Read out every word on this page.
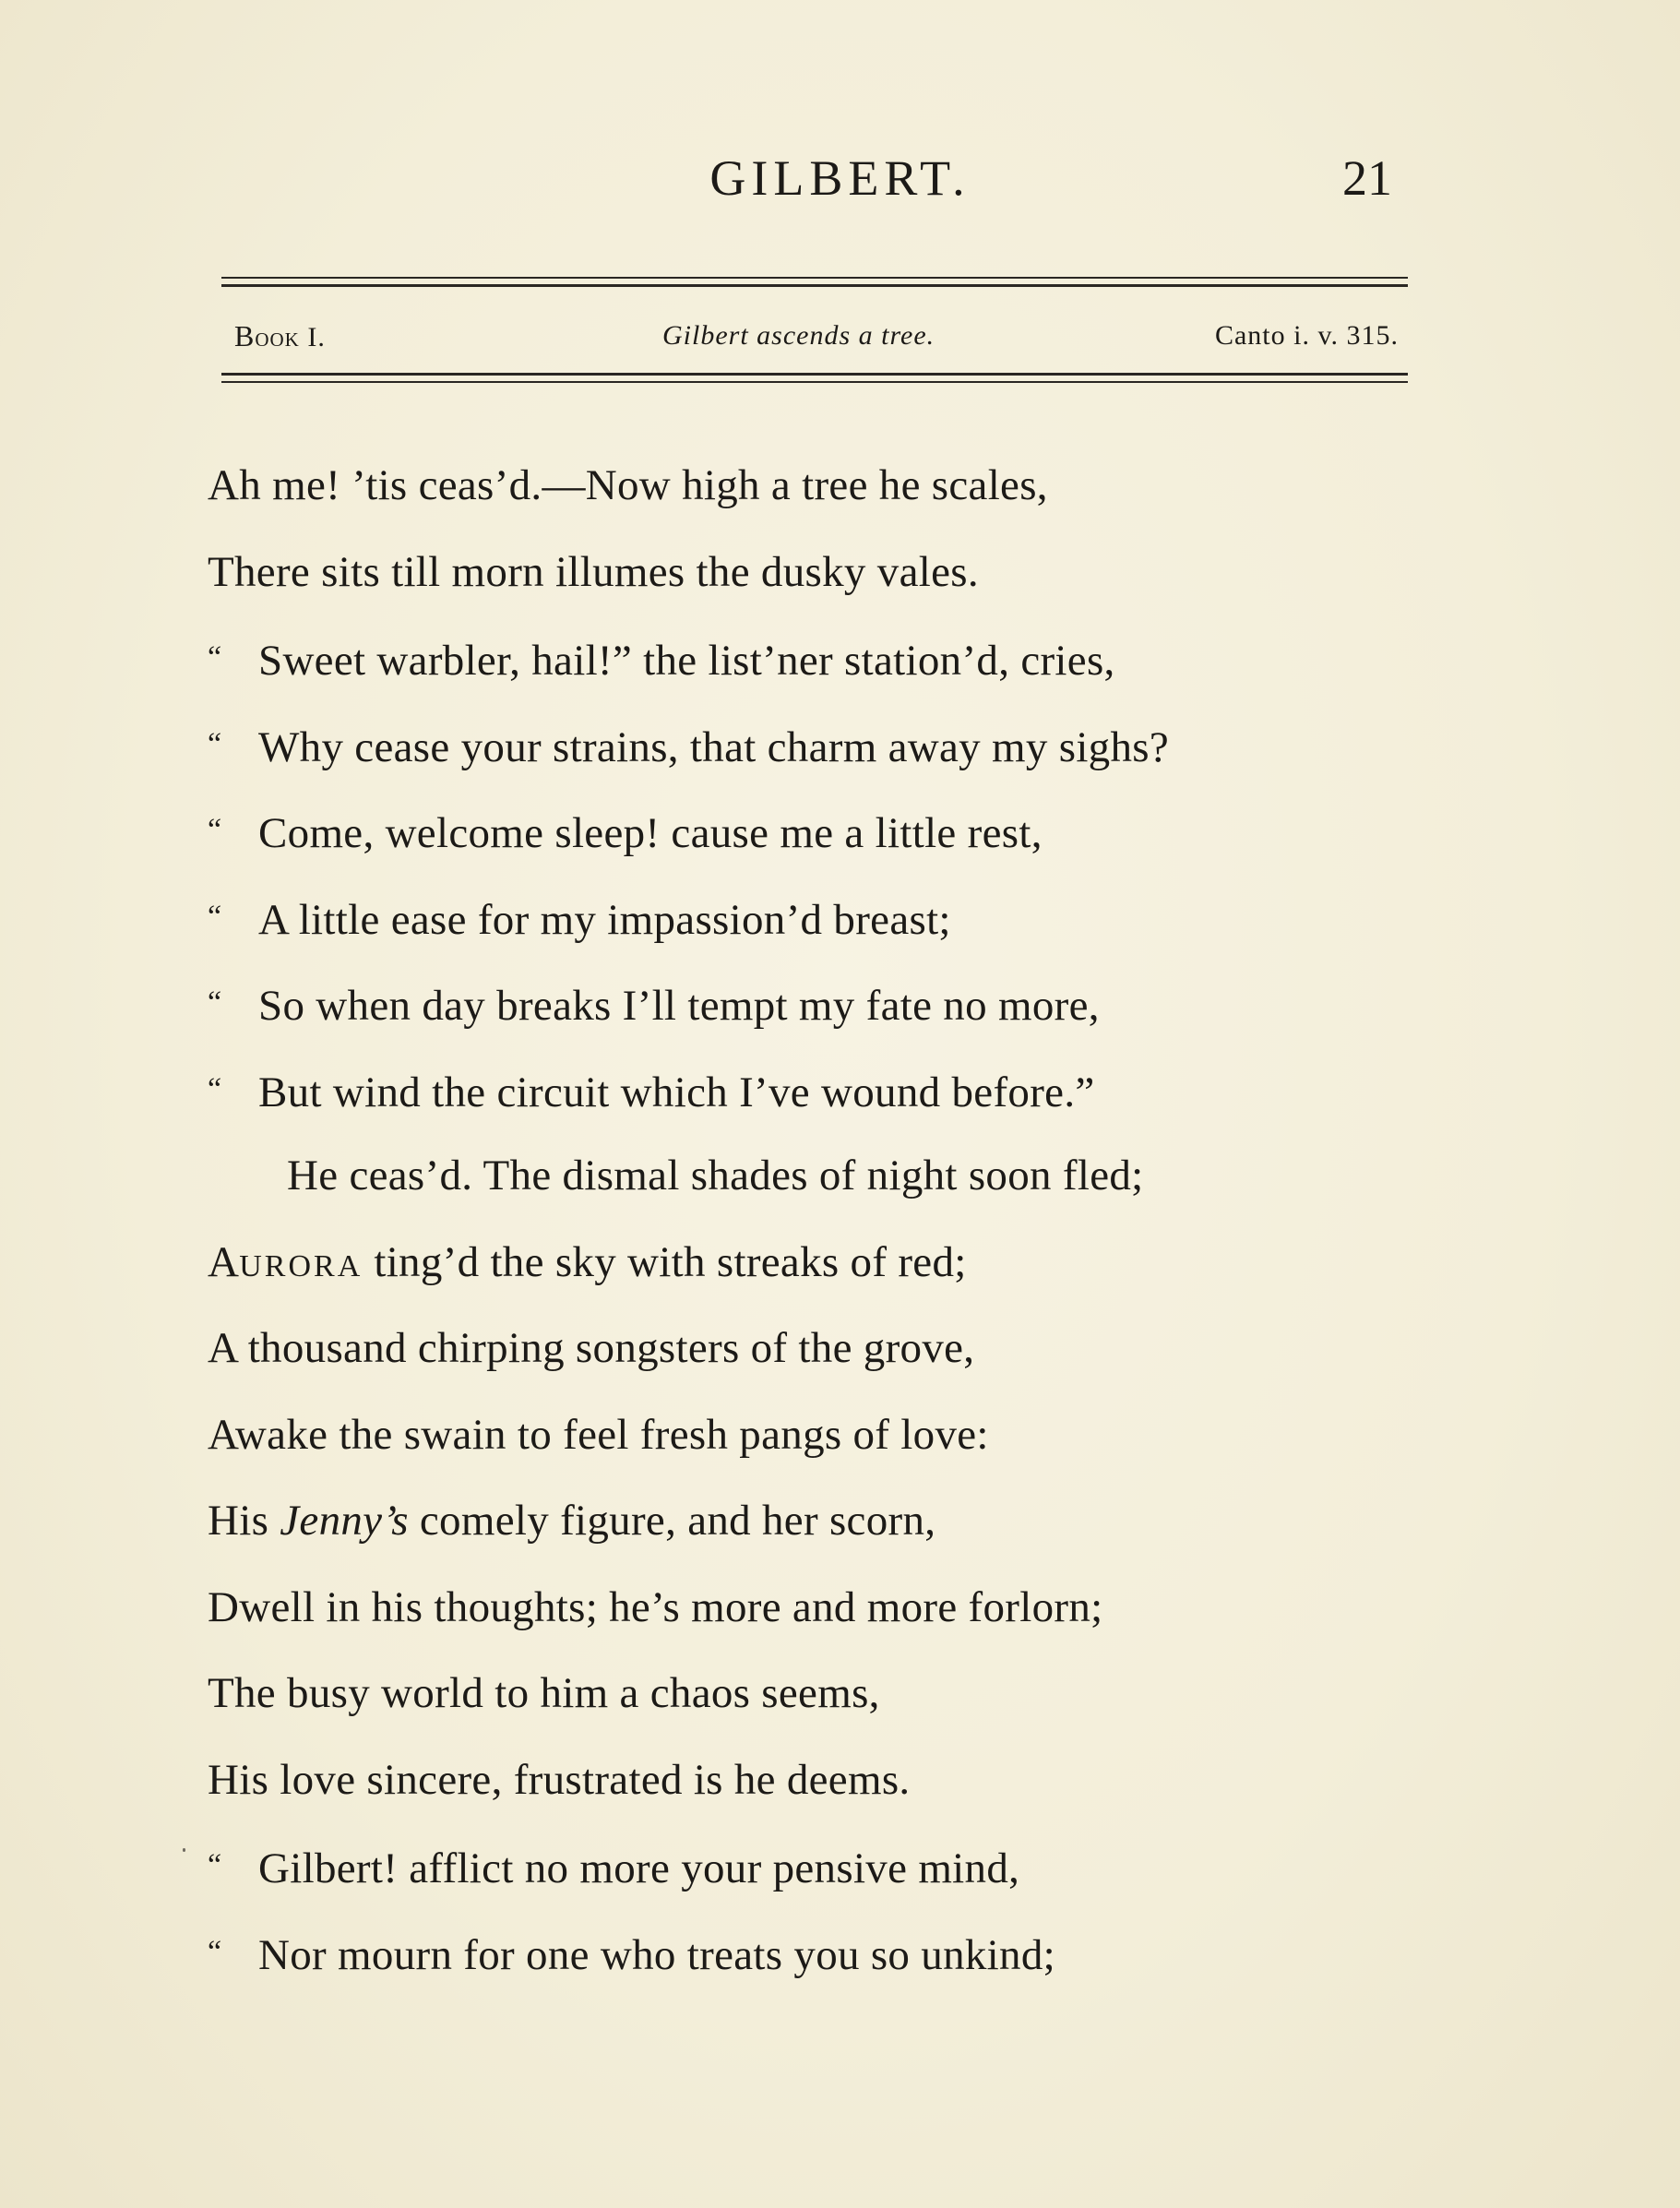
GILBERT.	21
Book I.	Gilbert ascends a tree.	Canto i. v. 315.
Ah me! ’tis ceas’d.—Now high a tree he scales,
There sits till morn illumes the dusky vales.
“ Sweet warbler, hail!” the list’ner station’d, cries,
“ Why cease your strains, that charm away my sighs?
“ Come, welcome sleep! cause me a little rest,
“ A little ease for my impassion’d breast;
“ So when day breaks I’ll tempt my fate no more,
“ But wind the circuit which I’ve wound before.”
He ceas’d. The dismal shades of night soon fled;
AURORA ting’d the sky with streaks of red;
A thousand chirping songsters of the grove,
Awake the swain to feel fresh pangs of love:
His Jenny’s comely figure, and her scorn,
Dwell in his thoughts; he’s more and more forlorn;
The busy world to him a chaos seems,
His love sincere, frustrated is he deems.
“ Gilbert! afflict no more your pensive mind,
“ Nor mourn for one who treats you so unkind;
